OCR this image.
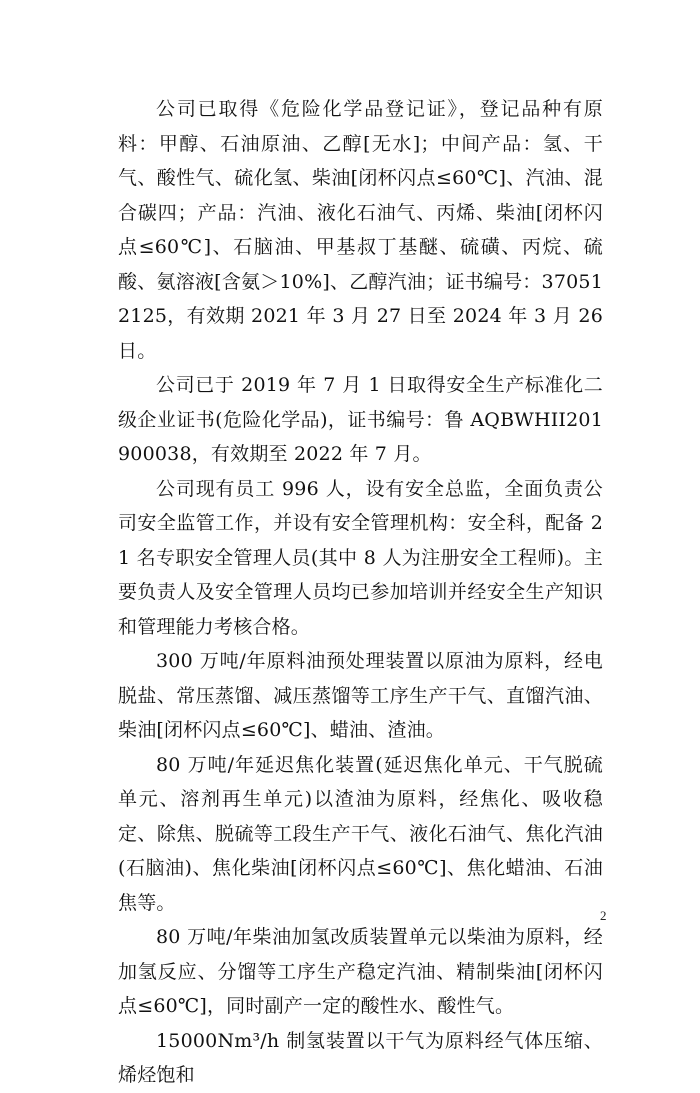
公司已取得《危险化学品登记证》，登记品种有原料：甲醇、石油原油、乙醇[无水]；中间产品：氢、干气、酸性气、硫化氢、柴油[闭杯闪点≤60℃]、汽油、混合碳四；产品：汽油、液化石油气、丙烯、柴油[闭杯闪点≤60℃]、石脑油、甲基叔丁基醚、硫磺、丙烷、硫酸、氨溶液[含氨＞10%]、乙醇汽油；证书编号：370512125，有效期 2021 年 3 月 27 日至 2024 年 3 月 26 日。

公司已于 2019 年 7 月 1 日取得安全生产标准化二级企业证书(危险化学品)，证书编号：鲁 AQBWHII201900038，有效期至 2022 年 7 月。

公司现有员工 996 人，设有安全总监，全面负责公司安全监管工作，并设有安全管理机构：安全科，配备 21 名专职安全管理人员(其中 8 人为注册安全工程师)。主要负责人及安全管理人员均已参加培训并经安全生产知识和管理能力考核合格。

300 万吨/年原料油预处理装置以原油为原料，经电脱盐、常压蒸馏、减压蒸馏等工序生产干气、直馏汽油、柴油[闭杯闪点≤60℃]、蜡油、渣油。

80 万吨/年延迟焦化装置(延迟焦化单元、干气脱硫单元、溶剂再生单元)以渣油为原料，经焦化、吸收稳定、除焦、脱硫等工段生产干气、液化石油气、焦化汽油(石脑油)、焦化柴油[闭杯闪点≤60℃]、焦化蜡油、石油焦等。

80 万吨/年柴油加氢改质装置单元以柴油为原料，经加氢反应、分馏等工序生产稳定汽油、精制柴油[闭杯闪点≤60℃]，同时副产一定的酸性水、酸性气。

15000Nm³/h 制氢装置以干气为原料经气体压缩、烯烃饱和

2
